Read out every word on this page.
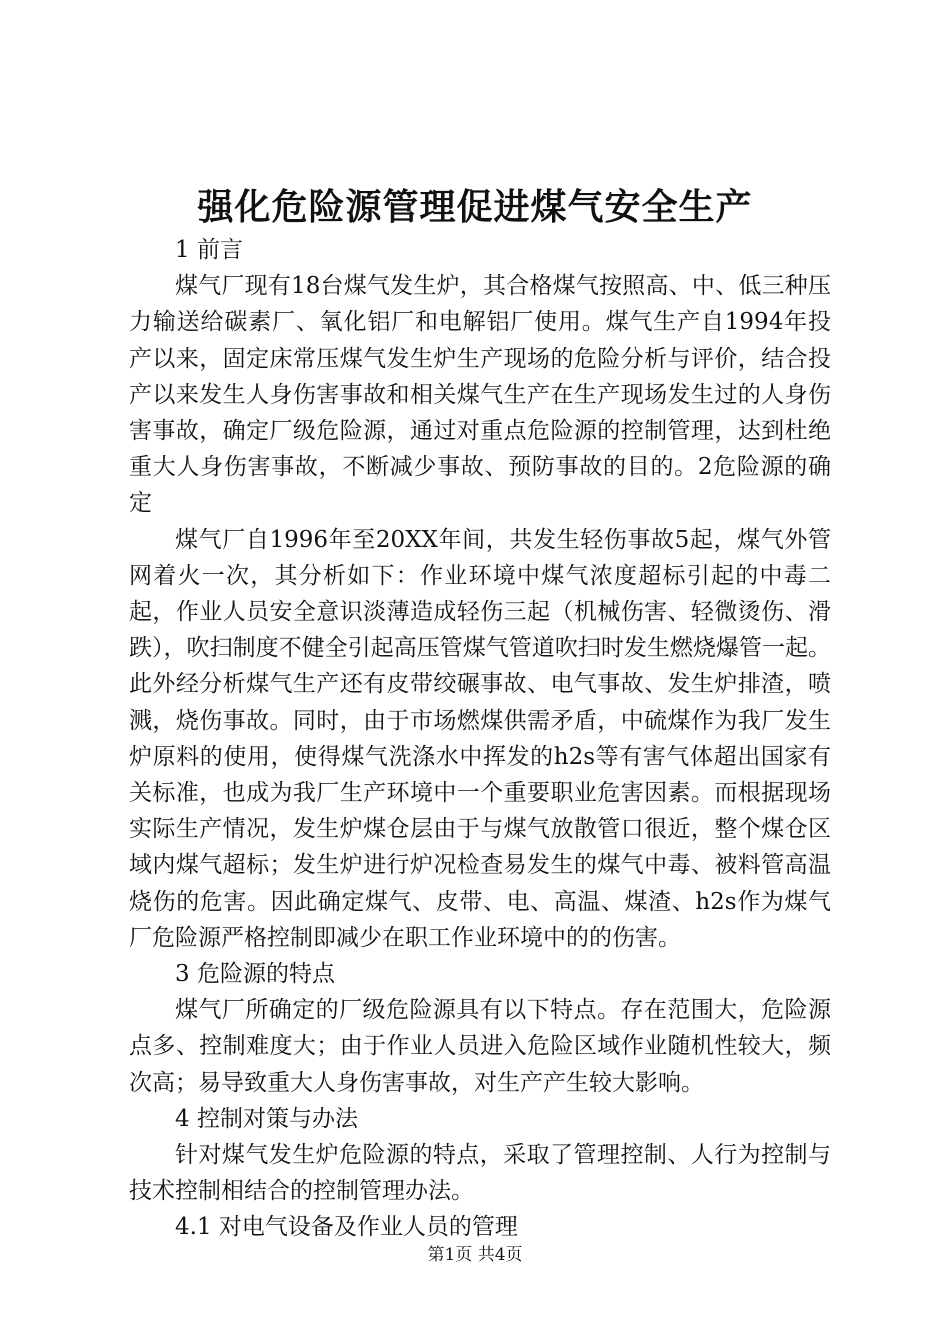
强化危险源管理促进煤气安全生产
1 前言

煤气厂现有18台煤气发生炉，其合格煤气按照高、中、低三种压力输送给碳素厂、氧化铝厂和电解铝厂使用。煤气生产自1994年投产以来，固定床常压煤气发生炉生产现场的危险分析与评价，结合投产以来发生人身伤害事故和相关煤气生产在生产现场发生过的人身伤害事故，确定厂级危险源，通过对重点危险源的控制管理，达到杜绝重大人身伤害事故，不断减少事故、预防事故的目的。2危险源的确定

煤气厂自1996年至20XX年间，共发生轻伤事故5起，煤气外管网着火一次，其分析如下：作业环境中煤气浓度超标引起的中毒二起，作业人员安全意识淡薄造成轻伤三起（机械伤害、轻微烫伤、滑跌），吹扫制度不健全引起高压管煤气管道吹扫时发生燃烧爆管一起。此外经分析煤气生产还有皮带绞碾事故、电气事故、发生炉排渣，喷溅，烧伤事故。同时，由于市场燃煤供需矛盾，中硫煤作为我厂发生炉原料的使用，使得煤气洗涤水中挥发的h2s等有害气体超出国家有关标准，也成为我厂生产环境中一个重要职业危害因素。而根据现场实际生产情况，发生炉煤仓层由于与煤气放散管口很近，整个煤仓区域内煤气超标；发生炉进行炉况检查易发生的煤气中毒、被料管高温烧伤的危害。因此确定煤气、皮带、电、高温、煤渣、h2s作为煤气厂危险源严格控制即减少在职工作业环境中的的伤害。

3 危险源的特点

煤气厂所确定的厂级危险源具有以下特点。存在范围大，危险源点多、控制难度大；由于作业人员进入危险区域作业随机性较大，频次高；易导致重大人身伤害事故，对生产产生较大影响。

4 控制对策与办法

针对煤气发生炉危险源的特点，采取了管理控制、人行为控制与技术控制相结合的控制管理办法。

4.1 对电气设备及作业人员的管理
第1页 共4页
